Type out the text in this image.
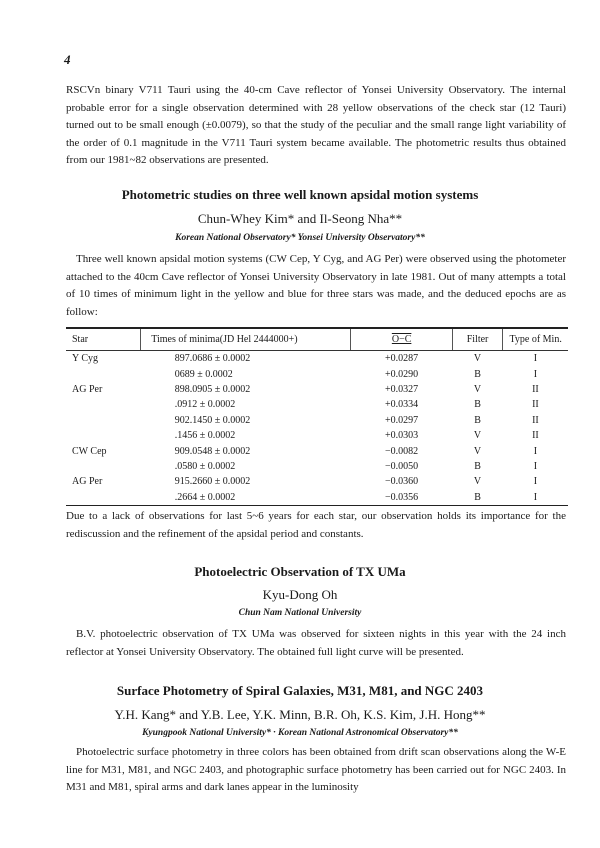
4

RSCVn binary V711 Tauri using the 40-cm Cave reflector of Yonsei University Observatory. The internal probable error for a single observation determined with 28 yellow observations of the check star (12 Tauri) turned out to be small enough (±0.0079), so that the study of the peculiar and the small range light variability of the order of 0.1 magnitude in the V711 Tauri system became available. The photometric results thus obtained from our 1981~82 observations are presented.

Photometric studies on three well known apsidal motion systems

Chun-Whey Kim* and Il-Seong Nha**

Korean National Observatory* Yonsei University Observatory**

Three well known apsidal motion systems (CW Cep, Y Cyg, and AG Per) were observed using the photometer attached to the 40cm Cave reflector of Yonsei University Observatory in late 1981. Out of many attempts a total of 10 times of minimum light in the yellow and blue for three stars was made, and the deduced epochs are as follow:

Star	Times of minima(JD Hel 2444000+)	O−C	Filter	Type of Min.
Y Cyg	897.0686 ± 0.0002	+0.0287	V	I
	0689 ± 0.0002	+0.0290	B	I
AG Per	898.0905 ± 0.0002	+0.0327	V	II
	.0912 ± 0.0002	+0.0334	B	II
	902.1450 ± 0.0002	+0.0297	B	II
	.1456 ± 0.0002	+0.0303	V	II
CW Cep	909.0548 ± 0.0002	−0.0082	V	I
	.0580 ± 0.0002	−0.0050	B	I
AG Per	915.2660 ± 0.0002	−0.0360	V	I
	.2664 ± 0.0002	−0.0356	B	I

Due to a lack of observations for last 5~6 years for each star, our observation holds its importance for the rediscussion and the refinement of the apsidal period and constants.

Photoelectric Observation of TX UMa

Kyu-Dong Oh

Chun Nam National University

B.V. photoelectric observation of TX UMa was observed for sixteen nights in this year with the 24 inch reflector at Yonsei University Observatory. The obtained full light curve will be presented.

Surface Photometry of Spiral Galaxies, M31, M81, and NGC 2403

Y.H. Kang* and Y.B. Lee, Y.K. Minn, B.R. Oh, K.S. Kim, J.H. Hong**

Kyungpook National University* · Korean National Astronomical Observatory**

Photoelectric surface photometry in three colors has been obtained from drift scan observations along the W-E line for M31, M81, and NGC 2403, and photographic surface photometry has been carried out for NGC 2403. In M31 and M81, spiral arms and dark lanes appear in the luminosity
